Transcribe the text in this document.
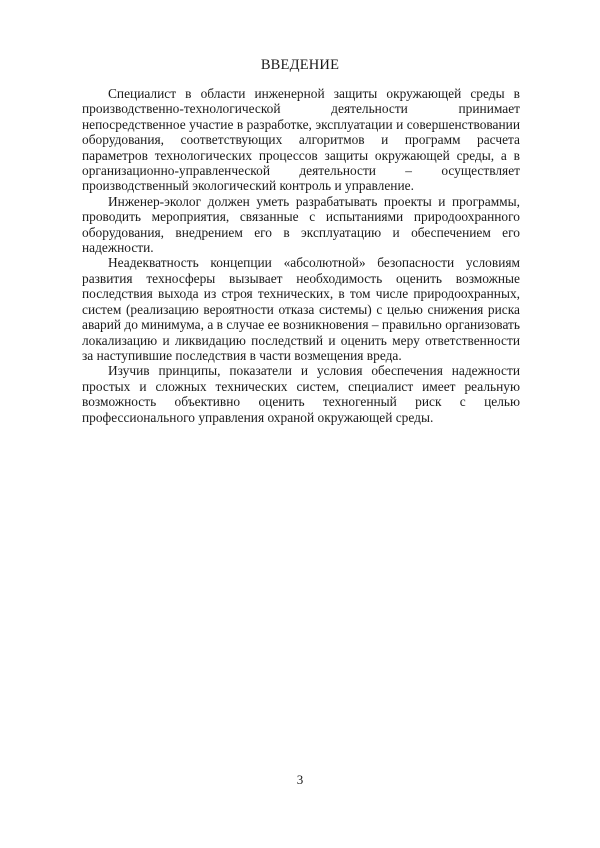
ВВЕДЕНИЕ

Специалист в области инженерной защиты окружающей среды в производственно-технологической деятельности принимает непосредственное участие в разработке, эксплуатации и совершенствовании оборудования, соответствующих алгоритмов и программ расчета параметров технологических процессов защиты окружающей среды, а в организационно-управленческой деятельности – осуществляет производственный экологический контроль и управление.

Инженер-эколог должен уметь разрабатывать проекты и программы, проводить мероприятия, связанные с испытаниями природоохранного оборудования, внедрением его в эксплуатацию и обеспечением его надежности.

Неадекватность концепции «абсолютной» безопасности условиям развития техносферы вызывает необходимость оценить возможные последствия выхода из строя технических, в том числе природоохранных, систем (реализацию вероятности отказа системы) с целью снижения риска аварий до минимума, а в случае ее возникновения – правильно организовать локализацию и ликвидацию последствий и оценить меру ответственности за наступившие последствия в части возмещения вреда.

Изучив принципы, показатели и условия обеспечения надежности простых и сложных технических систем, специалист имеет реальную возможность объективно оценить техногенный риск с целью профессионального управления охраной окружающей среды.

3
